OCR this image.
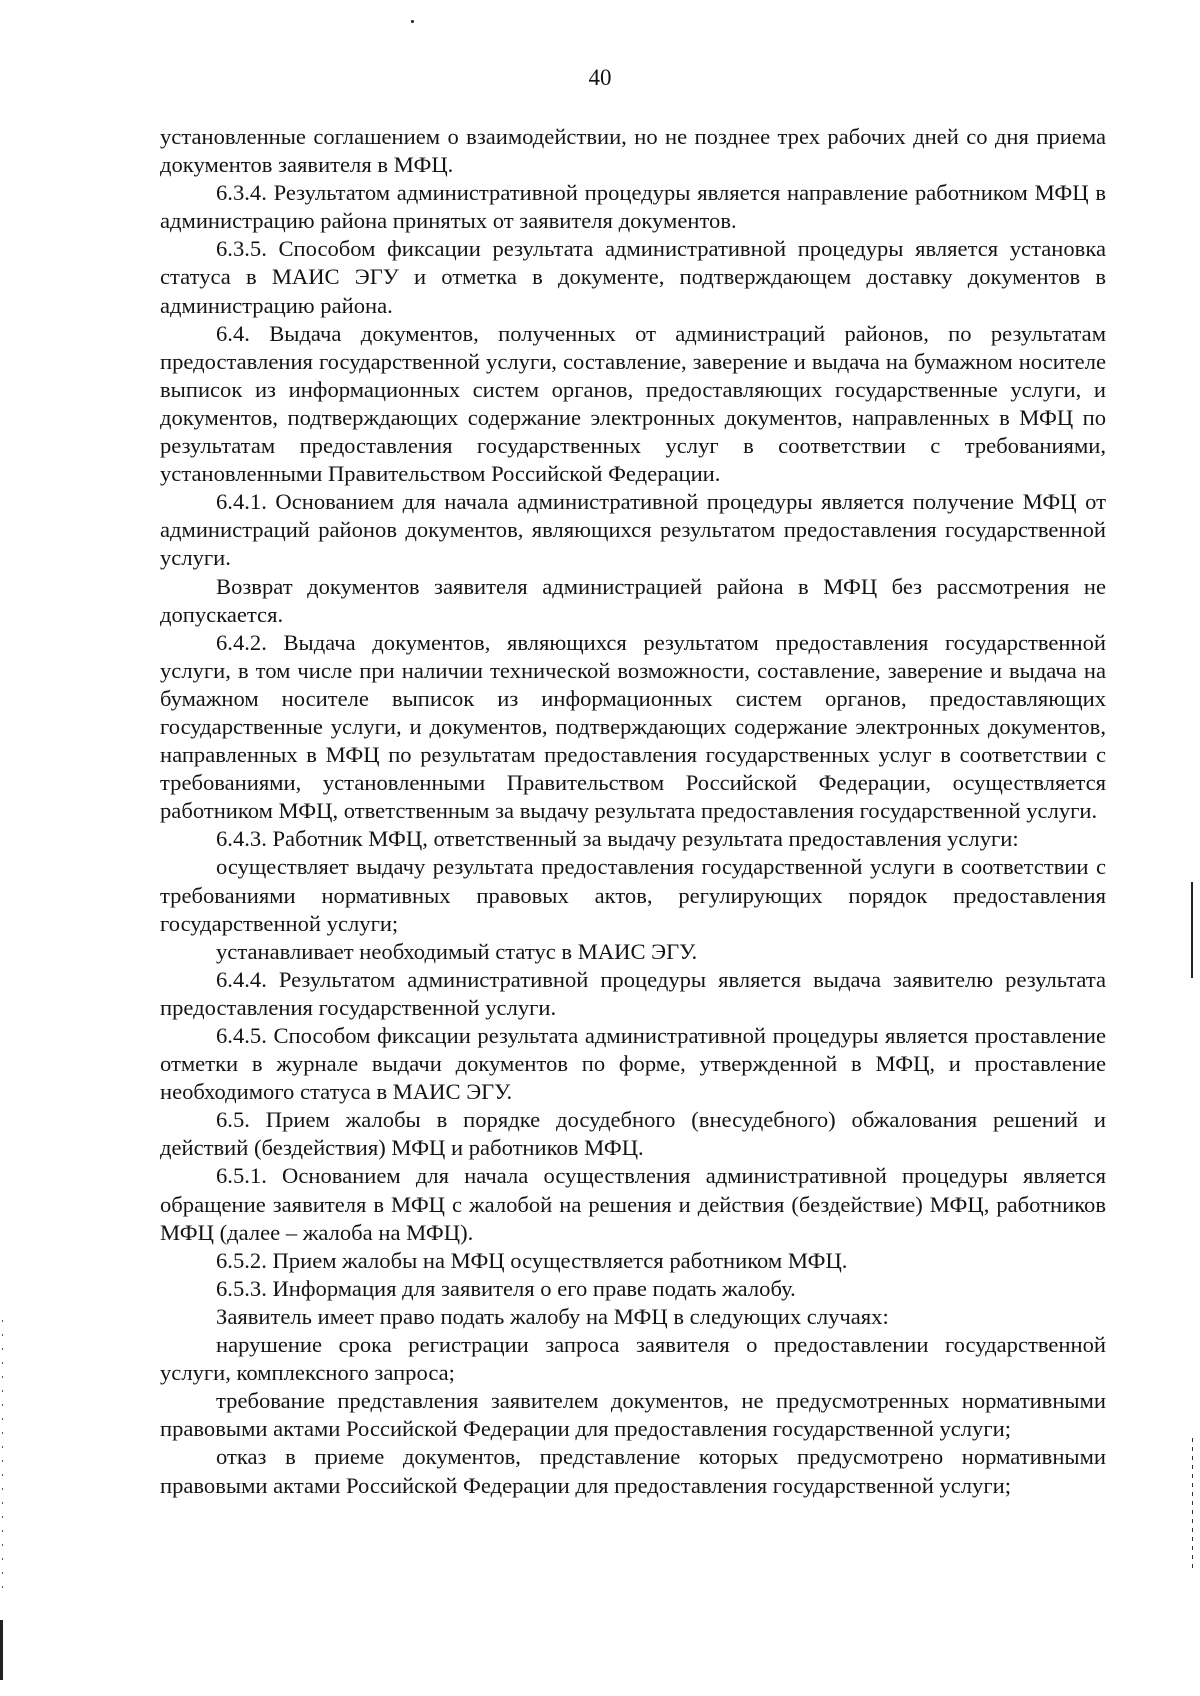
40

установленные соглашением о взаимодействии, но не позднее трех рабочих дней со дня приема документов заявителя в МФЦ.

6.3.4. Результатом административной процедуры является направление работником МФЦ в администрацию района принятых от заявителя документов.

6.3.5. Способом фиксации результата административной процедуры является установка статуса в МАИС ЭГУ и отметка в документе, подтверждающем доставку документов в администрацию района.

6.4. Выдача документов, полученных от администраций районов, по результатам предоставления государственной услуги, составление, заверение и выдача на бумажном носителе выписок из информационных систем органов, предоставляющих государственные услуги, и документов, подтверждающих содержание электронных документов, направленных в МФЦ по результатам предоставления государственных услуг в соответствии с требованиями, установленными Правительством Российской Федерации.

6.4.1. Основанием для начала административной процедуры является получение МФЦ от администраций районов документов, являющихся результатом предоставления государственной услуги.

Возврат документов заявителя администрацией района в МФЦ без рассмотрения не допускается.

6.4.2. Выдача документов, являющихся результатом предоставления государственной услуги, в том числе при наличии технической возможности, составление, заверение и выдача на бумажном носителе выписок из информационных систем органов, предоставляющих государственные услуги, и документов, подтверждающих содержание электронных документов, направленных в МФЦ по результатам предоставления государственных услуг в соответствии с требованиями, установленными Правительством Российской Федерации, осуществляется работником МФЦ, ответственным за выдачу результата предоставления государственной услуги.

6.4.3. Работник МФЦ, ответственный за выдачу результата предоставления услуги:

осуществляет выдачу результата предоставления государственной услуги в соответствии с требованиями нормативных правовых актов, регулирующих порядок предоставления государственной услуги;

устанавливает необходимый статус в МАИС ЭГУ.

6.4.4. Результатом административной процедуры является выдача заявителю результата предоставления государственной услуги.

6.4.5. Способом фиксации результата административной процедуры является проставление отметки в журнале выдачи документов по форме, утвержденной в МФЦ, и проставление необходимого статуса в МАИС ЭГУ.

6.5. Прием жалобы в порядке досудебного (внесудебного) обжалования решений и действий (бездействия) МФЦ и работников МФЦ.

6.5.1. Основанием для начала осуществления административной процедуры является обращение заявителя в МФЦ с жалобой на решения и действия (бездействие) МФЦ, работников МФЦ (далее – жалоба на МФЦ).

6.5.2. Прием жалобы на МФЦ осуществляется работником МФЦ.

6.5.3. Информация для заявителя о его праве подать жалобу.

Заявитель имеет право подать жалобу на МФЦ в следующих случаях:

нарушение срока регистрации запроса заявителя о предоставлении государственной услуги, комплексного запроса;

требование представления заявителем документов, не предусмотренных нормативными правовыми актами Российской Федерации для предоставления государственной услуги;

отказ в приеме документов, представление которых предусмотрено нормативными правовыми актами Российской Федерации для предоставления государственной услуги;
